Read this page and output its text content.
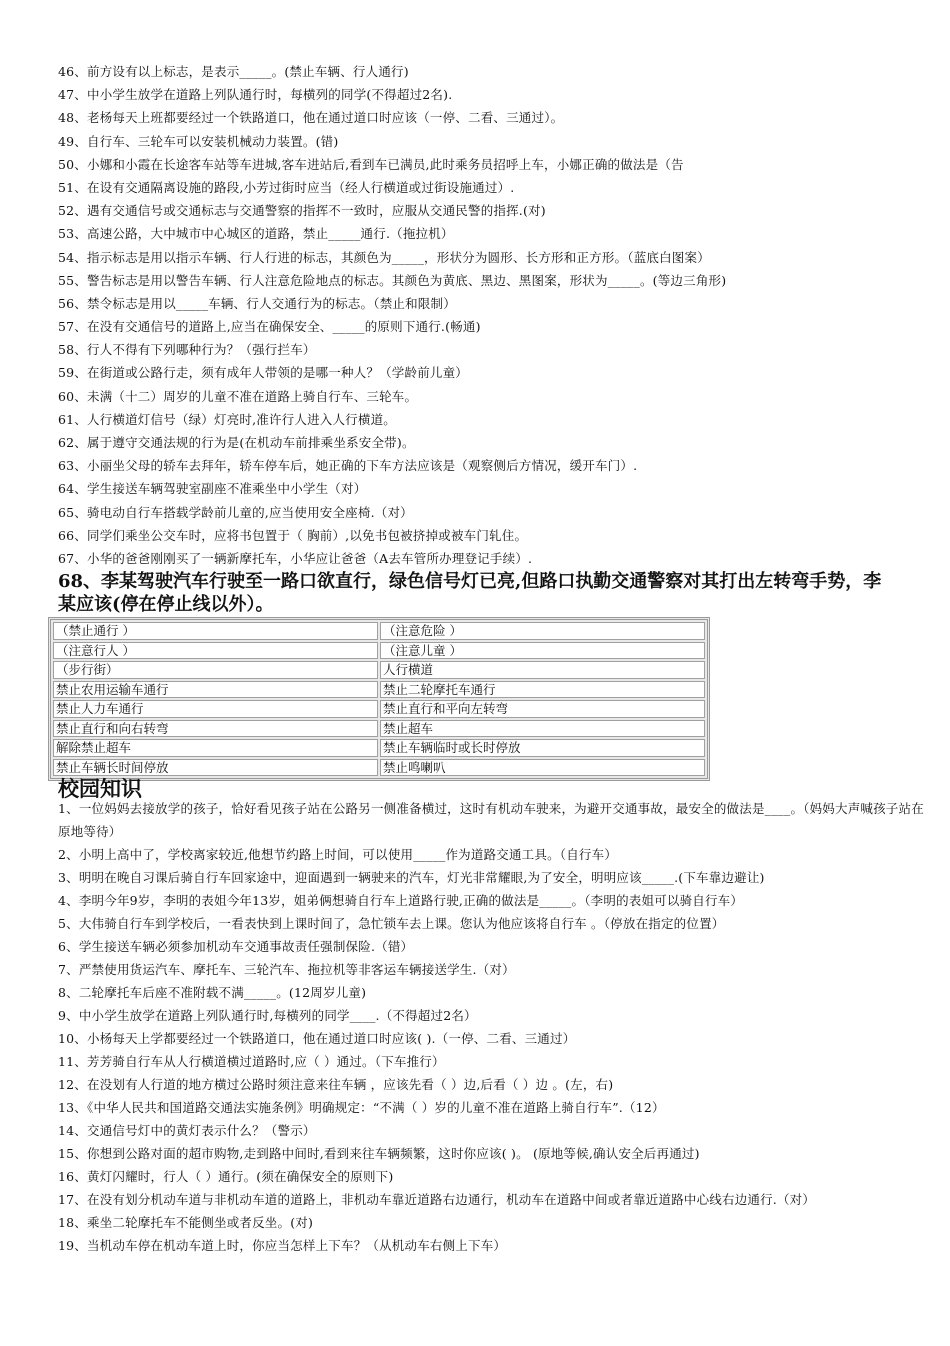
46、前方设有以上标志，是表示_____。(禁止车辆、行人通行)
47、中小学生放学在道路上列队通行时，每横列的同学(不得超过2名).
48、老杨每天上班都要经过一个铁路道口，他在通过道口时应该（一停、二看、三通过）。
49、自行车、三轮车可以安装机械动力装置。(错)
50、小娜和小霞在长途客车站等车进城,客车进站后,看到车已满员,此时乘务员招呼上车，小娜正确的做法是（告
51、在设有交通隔离设施的路段,小芳过街时应当（经人行横道或过街设施通过）.
52、遇有交通信号或交通标志与交通警察的指挥不一致时，应服从交通民警的指挥.(对)
53、高速公路，大中城市中心城区的道路，禁止_____通行.（拖拉机）
54、指示标志是用以指示车辆、行人行进的标志，其颜色为_____，形状分为圆形、长方形和正方形。（蓝底白图案）
55、警告标志是用以警告车辆、行人注意危险地点的标志。其颜色为黄底、黑边、黑图案，形状为_____。(等边三角形)
56、禁令标志是用以_____车辆、行人交通行为的标志。（禁止和限制）
57、在没有交通信号的道路上,应当在确保安全、_____的原则下通行.(畅通)
58、行人不得有下列哪种行为？（强行拦车）
59、在街道或公路行走，须有成年人带领的是哪一种人？（学龄前儿童）
60、未满（十二）周岁的儿童不准在道路上骑自行车、三轮车。
61、人行横道灯信号（绿）灯亮时,准许行人进入人行横道。
62、属于遵守交通法规的行为是(在机动车前排乘坐系安全带)。
63、小丽坐父母的轿车去拜年，轿车停车后，她正确的下车方法应该是（观察侧后方情况，缓开车门）.
64、学生接送车辆驾驶室副座不准乘坐中小学生（对）
65、骑电动自行车搭载学龄前儿童的,应当使用安全座椅.（对）
66、同学们乘坐公交车时，应将书包置于（ 胸前）,以免书包被挤掉或被车门轧住。
67、小华的爸爸刚刚买了一辆新摩托车，小华应让爸爸（A去车管所办理登记手续）.
68、李某驾驶汽车行驶至一路口欲直行，绿色信号灯已亮,但路口执勤交通警察对其打出左转弯手势，李某应该(停在停止线以外）。
（禁止通行 ）	（注意危险 ）
（注意行人 ）	（注意儿童 ）
（步行街）	人行横道
禁止农用运输车通行	禁止二轮摩托车通行
禁止人力车通行	禁止直行和平向左转弯
禁止直行和向右转弯	禁止超车
解除禁止超车	禁止车辆临时或长时停放
禁止车辆长时间停放	禁止鸣喇叭
校园知识
1、一位妈妈去接放学的孩子，恰好看见孩子站在公路另一侧准备横过，这时有机动车驶来，为避开交通事故，最安全的做法是____。（妈妈大声喊孩子站在原地等待）
2、小明上高中了，学校离家较近,他想节约路上时间，可以使用_____作为道路交通工具。（自行车）
3、明明在晚自习课后骑自行车回家途中，迎面遇到一辆驶来的汽车，灯光非常耀眼,为了安全，明明应该_____.(下车靠边避让)
4、李明今年9岁，李明的表姐今年13岁，姐弟俩想骑自行车上道路行驶,正确的做法是_____。（李明的表姐可以骑自行车）
5、大伟骑自行车到学校后，一看表快到上课时间了，急忙锁车去上课。您认为他应该将自行车 。（停放在指定的位置）
6、学生接送车辆必须参加机动车交通事故责任强制保险.（错）
7、严禁使用货运汽车、摩托车、三轮汽车、拖拉机等非客运车辆接送学生.（对）
8、二轮摩托车后座不准附载不满_____。(12周岁儿童)
9、中小学生放学在道路上列队通行时,每横列的同学____.（不得超过2名）
10、小杨每天上学都要经过一个铁路道口，他在通过道口时应该( ).（一停、二看、三通过）
11、芳芳骑自行车从人行横道横过道路时,应（ ）通过。（下车推行）
12、在没划有人行道的地方横过公路时须注意来往车辆 ，应该先看（ ）边,后看（ ）边 。(左，右)
13、《中华人民共和国道路交通法实施条例》明确规定：“不满（ ）岁的儿童不准在道路上骑自行车”.（12）
14、交通信号灯中的黄灯表示什么？（警示）
15、你想到公路对面的超市购物,走到路中间时,看到来往车辆频繁，这时你应该( )。 (原地等候,确认安全后再通过)
16、黄灯闪耀时，行人（ ）通行。(须在确保安全的原则下)
17、在没有划分机动车道与非机动车道的道路上，非机动车靠近道路右边通行，机动车在道路中间或者靠近道路中心线右边通行.（对）
18、乘坐二轮摩托车不能侧坐或者反坐。(对)
19、当机动车停在机动车道上时，你应当怎样上下车？（从机动车右侧上下车）
